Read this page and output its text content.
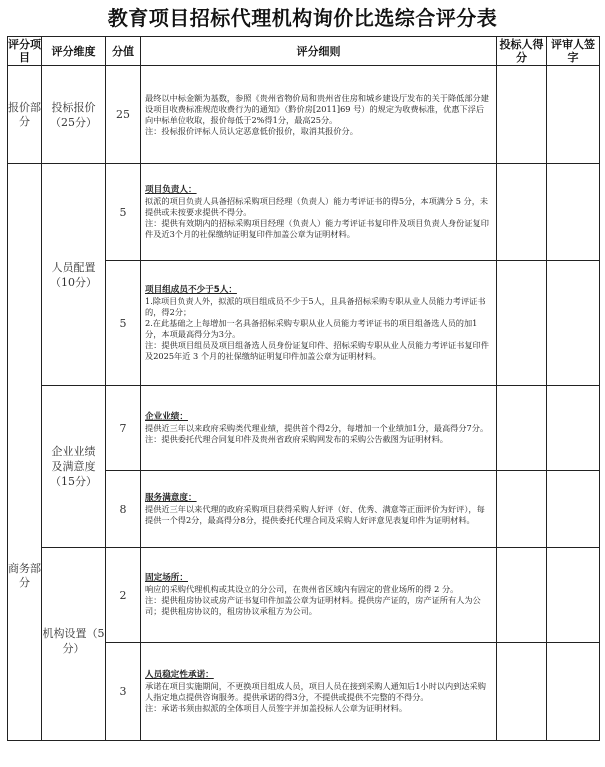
教育项目招标代理机构询价比选综合评分表
评分项目	评分维度	分值	评分细则	投标人得分	评审人签字
报价部分	投标报价（25分）	25	最终以中标金额为基数，参照《贵州省物价局和贵州省住房和城乡建设厅发布的关于降低部分建设项目收费标准规范收费行为的通知》（黔价房[2011]69 号）的规定为收费标准，优惠下浮后向中标单位收取，报价每低于2%得1分，最高25分。
注：投标报价评标人员认定恶意低价报价，取消其报价分。		

商务部分	人员配置（10分）	5	项目负责人：

拟派的项目负责人具备招标采购项目经理（负责人）能力考评证书的得5分，本项满分 5 分，未提供或未按要求提供不得分。
注：提供有效期内的招标采购项目经理（负责人）能力考评证书复印件及项目负责人身份证复印件及近3个月的社保缴纳证明复印件加盖公章为证明材料。		

		5	项目组成员不少于5人：

1.除项目负责人外，拟派的项目组成员不少于5人，且具备招标采购专职从业人员能力考评证书的，得2分；
2.在此基础之上每增加一名具备招标采购专职从业人员能力考评证书的项目组备选人员的加1分，本项最高得分为3分。
注：提供项目组员及项目组备选人员身份证复印件、招标采购专职从业人员能力考评证书复印件及2025年近 3 个月的社保缴纳证明复印件加盖公章为证明材料。		

	企业业绩及满意度（15分）	7	企业业绩：

提供近三年以来政府采购类代理业绩，提供首个得2分，每增加一个业绩加1分，最高得分7分。
注：提供委托代理合同复印件及贵州省政府采购网发布的采购公告截图为证明材料。		

		8	服务满意度：

提供近三年以来代理的政府采购项目获得采购人好评（好、优秀、满意等正面评价为好评），每提供一个得2分，最高得分8分，提供委托代理合同及采购人好评意见表复印件为证明材料。		

	机构设置（5 分）	2	固定场所：

响应的采购代理机构或其设立的分公司，在贵州省区域内有固定的营业场所的得 2 分。
注：提供租房协议或房产证书复印件加盖公章为证明材料。提供房产证的，房产证所有人为公司；提供租房协议的，租房协议承租方为公司。		

		3	人员稳定性承诺：

承诺在项目实施期间，不更换项目组成人员，项目人员在接到采购人通知后1小时以内到达采购人指定地点提供咨询服务。提供承诺的得3分，不提供或提供不完整的不得分。
注：承诺书须由拟派的全体项目人员签字并加盖投标人公章为证明材料。		
